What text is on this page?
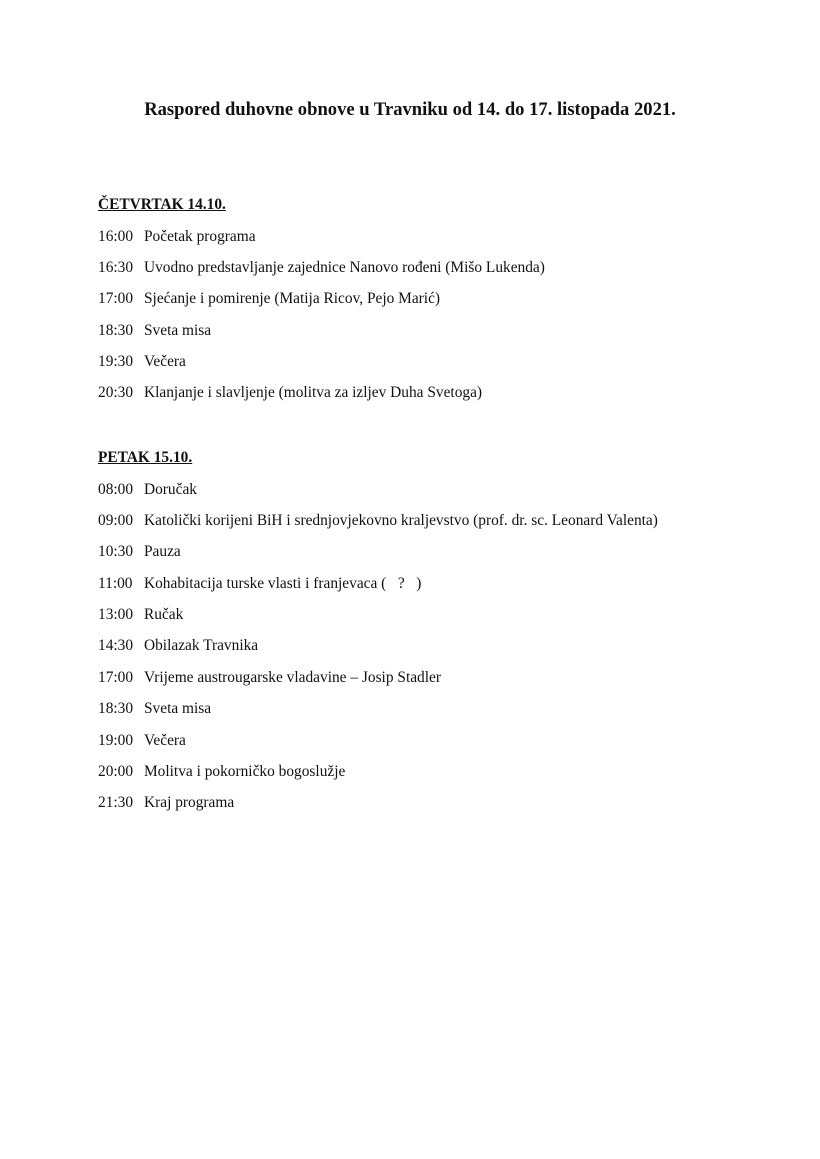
Raspored duhovne obnove u Travniku od 14. do 17. listopada 2021.
ČETVRTAK 14.10.
16:00 Početak programa
16:30 Uvodno predstavljanje zajednice Nanovo rođeni (Mišo Lukenda)
17:00 Sjećanje i pomirenje (Matija Ricov, Pejo Marić)
18:30 Sveta misa
19:30 Večera
20:30 Klanjanje i slavljenje (molitva za izljev Duha Svetoga)
PETAK 15.10.
08:00 Doručak
09:00 Katolički korijeni BiH i srednjovjekovno kraljevstvo (prof. dr. sc. Leonard Valenta)
10:30 Pauza
11:00 Kohabitacija turske vlasti i franjevaca (   ?   )
13:00 Ručak
14:30 Obilazak Travnika
17:00 Vrijeme austrougarske vladavine – Josip Stadler
18:30 Sveta misa
19:00 Večera
20:00 Molitva i pokorničko bogoslužje
21:30 Kraj programa
